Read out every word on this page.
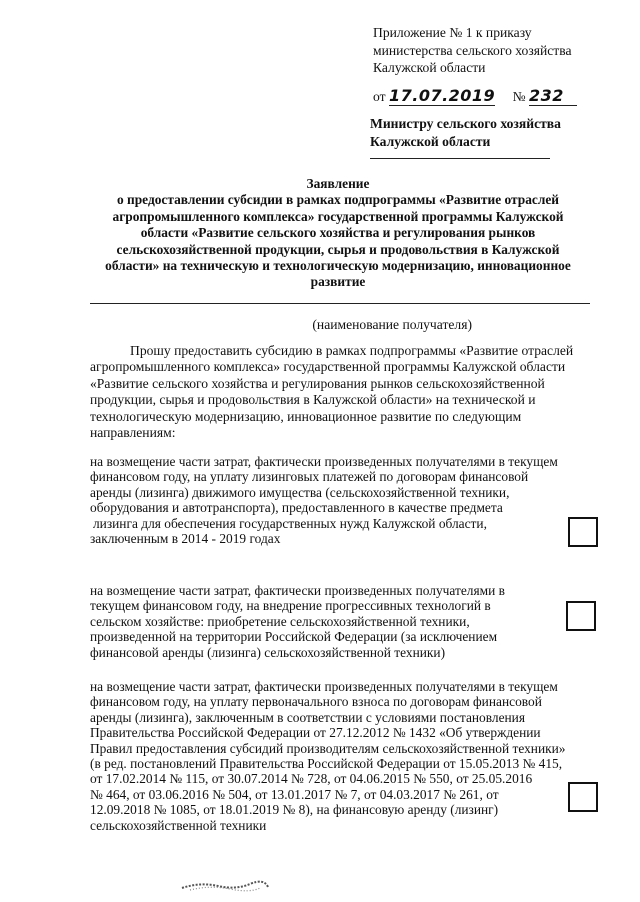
Приложение № 1 к приказу
министерства сельского хозяйства
Калужской области
от 17.07.2019 № 232
Министру сельского хозяйства
Калужской области
Заявление
о предоставлении субсидии в рамках подпрограммы «Развитие отраслей
агропромышленного комплекса» государственной программы Калужской
области «Развитие сельского хозяйства и регулирования рынков
сельскохозяйственной продукции, сырья и продовольствия в Калужской
области» на техническую и технологическую модернизацию, инновационное
развитие
(наименование получателя)
Прошу предоставить субсидию в рамках подпрограммы «Развитие отраслей
агропромышленного комплекса» государственной программы Калужской области
«Развитие сельского хозяйства и регулирования рынков сельскохозяйственной
продукции, сырья и продовольствия в Калужской области» на технической и
технологическую модернизацию, инновационное развитие по следующим
направлениям:
на возмещение части затрат, фактически произведенных получателями в текущем
финансовом году, на уплату лизинговых платежей по договорам финансовой
аренды (лизинга) движимого имущества (сельскохозяйственной техники,
оборудования и автотранспорта), предоставленного в качестве предмета
лизинга для обеспечения государственных нужд Калужской области,
заключенным в 2014 - 2019 годах
на возмещение части затрат, фактически произведенных получателями в
текущем финансовом году, на внедрение прогрессивных технологий в
сельском хозяйстве: приобретение сельскохозяйственной техники,
произведенной на территории Российской Федерации (за исключением
финансовой аренды (лизинга) сельскохозяйственной техники)
на возмещение части затрат, фактически произведенных получателями в текущем
финансовом году, на уплату первоначального взноса по договорам финансовой
аренды (лизинга), заключенным в соответствии с условиями постановления
Правительства Российской Федерации от 27.12.2012 № 1432 «Об утверждении
Правил предоставления субсидий производителям сельскохозяйственной техники»
(в ред. постановлений Правительства Российской Федерации от 15.05.2013 № 415,
от 17.02.2014 № 115, от 30.07.2014 № 728, от 04.06.2015 № 550, от 25.05.2016
№ 464, от 03.06.2016 № 504, от 13.01.2017 № 7, от 04.03.2017 № 261, от
12.09.2018 № 1085, от 18.01.2019 № 8), на финансовую аренду (лизинг)
сельскохозяйственной техники
